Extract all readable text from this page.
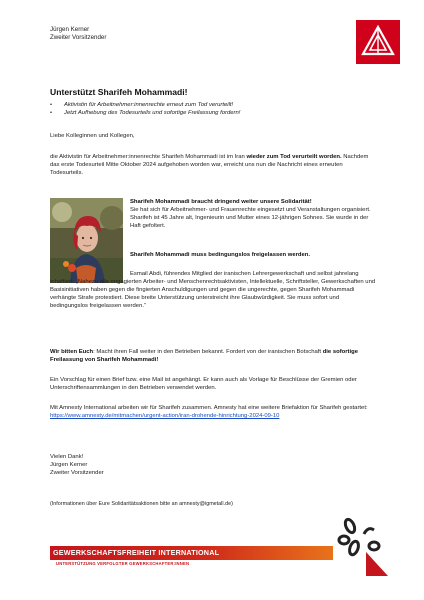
Jürgen Kerner
Zweiter Vorsitzender
Unterstützt Sharifeh Mohammadi!
• Aktivistin für Arbeitnehmer:innenrechte erneut zum Tod verurteilt!
• Jetzt Aufhebung des Todesurteils und sofortige Freilassung fordern!
Liebe Kolleginnen und Kollegen,
die Aktivistin für Arbeitnehmer:innenrechte Sharifeh Mohammadi ist im Iran wieder zum Tod verurteilt worden. Nachdem das erste Todesurteil Mitte Oktober 2024 aufgehoben worden war, erreicht uns nun die Nachricht eines erneuten Todesurteils.
Sharifeh Mohammadi braucht dringend weiter unsere Solidarität!
Sie hat sich für Arbeitnehmer- und Frauenrechte eingesetzt und Veranstaltungen organisiert. Sharifeh ist 45 Jahre alt, Ingenieurin und Mutter eines 12-jährigen Sohnes. Sie wurde in der Haft gefoltert.
Sharifeh Mohammadi muss bedingungslos freigelassen werden.
Esmail Abdi, führendes Mitglied der iranischen Lehrergewerkschaft und selbst jahrelang inhaftiert: „Nahezu alle engagierten Arbeiter- und Menschenrechtsaktivisten, Intellektuelle, Schriftsteller, Gewerkschaften und Basisinitiativen haben gegen die fingierten Anschuldigungen und gegen die ungerechte, gegen Sharifeh Mohammadi verhängte Strafe protestiert. Diese breite Unterstützung unterstreicht ihre Glaubwürdigkeit. Sie muss sofort und bedingungslos freigelassen werden.“
Wir bitten Euch: Macht ihren Fall weiter in den Betrieben bekannt. Fordert von der iranischen Botschaft die sofortige Freilassung von Sharifeh Mohammadi!
Ein Vorschlag für einen Brief bzw. eine Mail ist angehängt. Er kann auch als Vorlage für Beschlüsse der Gremien oder Unterschriftensammlungen in den Betrieben verwendet werden.
Mit Amnesty International arbeiten wir für Sharifeh zusammen. Amnesty hat eine weitere Briefaktion für Sharifeh gestartet:
https://www.amnesty.de/mitmachen/urgent-action/iran-drohende-hinrichtung-2024-09-10
Vielen Dank!
Jürgen Kerner
Zweiter Vorsitzender
(Informationen über Eure Solidaritätsaktionen bitte an amnesty@igmetall.de)
GEWERKSCHAFTSFREIHEIT INTERNATIONAL
UNTERSTÜTZUNG VERFOLGTER GEWERKSCHAFTER:INNEN
